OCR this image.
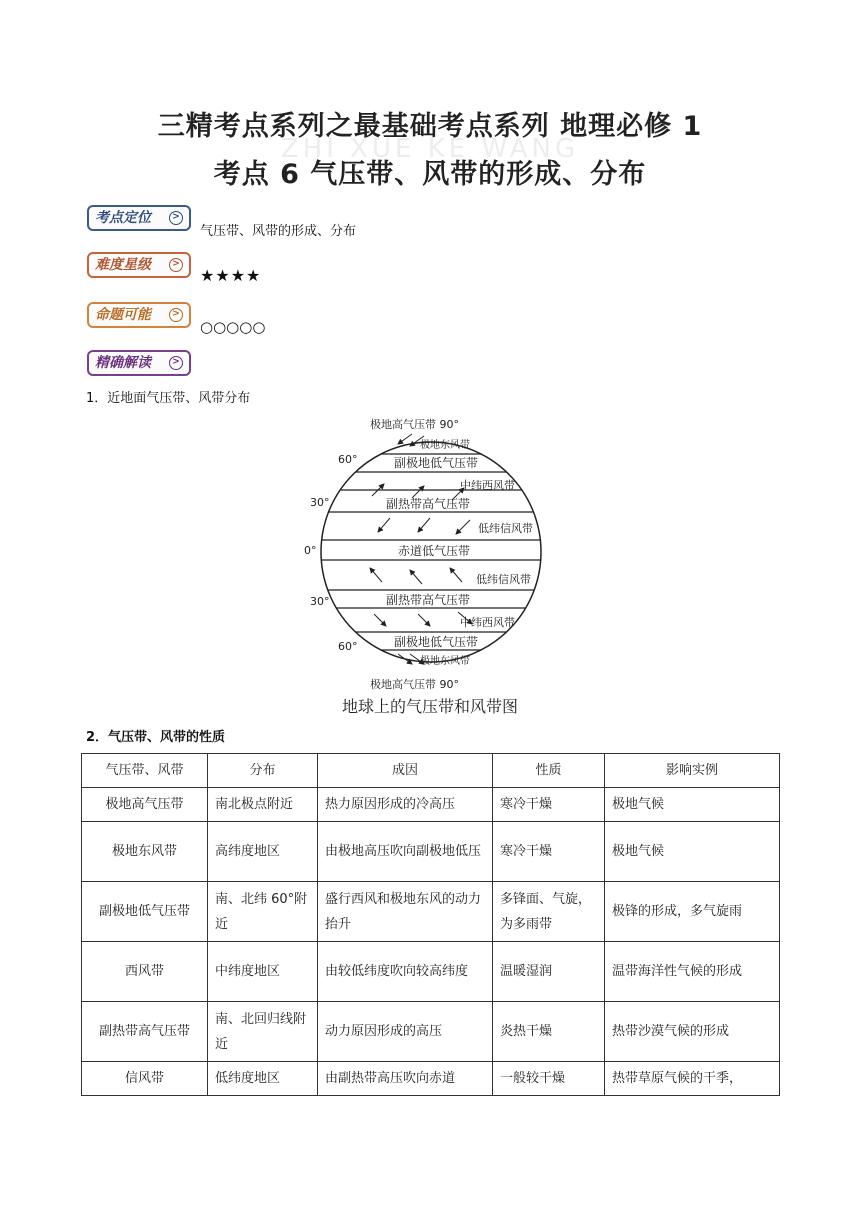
ZHI XUE KE WANG
三精考点系列之最基础考点系列 地理必修 1
考点 6 气压带、风带的形成、分布
考点定位	>
气压带、风带的形成、分布
难度星级	>
★★★★
命题可能	>
○○○○○
精确解读	>
1．近地面气压带、风带分布
极地高气压带 90°
极地东风带
副极地低气压带
中纬西风带
副热带高气压带
低纬信风带
赤道低气压带
低纬信风带
副热带高气压带
中纬西风带
副极地低气压带
极地东风带
极地高气压带 90°
60°
30°
0°
30°
60°
地球上的气压带和风带图
2．气压带、风带的性质
气压带、风带	分布	成因	性质	影响实例
极地高气压带	南北极点附近	热力原因形成的冷高压	寒冷干燥	极地气候
极地东风带	高纬度地区	由极地高压吹向副极地低压	寒冷干燥	极地气候
副极地低气压带	南、北纬 60°附近	盛行西风和极地东风的动力抬升	多锋面、气旋，为多雨带	极锋的形成，多气旋雨
西风带	中纬度地区	由较低纬度吹向较高纬度	温暖湿润	温带海洋性气候的形成
副热带高气压带	南、北回归线附近	动力原因形成的高压	炎热干燥	热带沙漠气候的形成
信风带	低纬度地区	由副热带高压吹向赤道	一般较干燥	热带草原气候的干季，
